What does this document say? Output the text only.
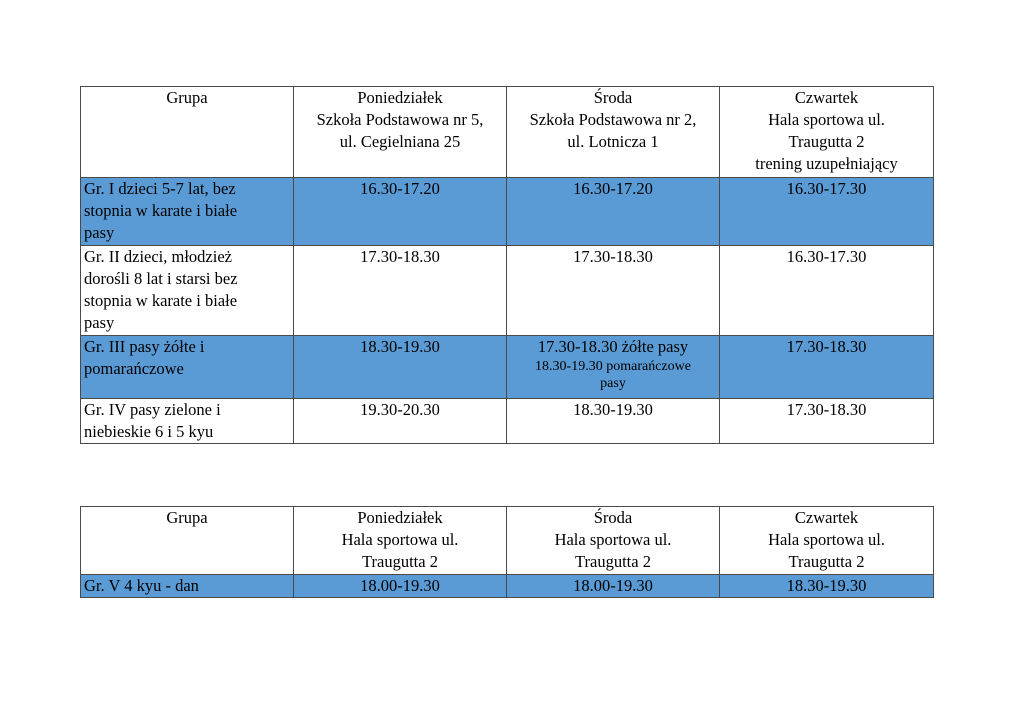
Grupa	Poniedziałek
Szkoła Podstawowa nr 5,
ul. Cegielniana 25	Środa
Szkoła Podstawowa nr 2,
ul. Lotnicza 1	Czwartek
Hala sportowa ul.
Traugutta 2
trening uzupełniający

Gr. I dzieci 5-7 lat, bez
stopnia w karate i białe
pasy	16.30-17.20	16.30-17.20	16.30-17.30

Gr. II dzieci, młodzież
dorośli 8 lat i starsi bez
stopnia w karate i białe
pasy	17.30-18.30	17.30-18.30	16.30-17.30

Gr. III pasy żółte i
pomarańczowe	18.30-19.30	17.30-18.30 żółte pasy
18.30-19.30 pomarańczowe
pasy	17.30-18.30

Gr. IV pasy zielone i
niebieskie 6 i 5 kyu	19.30-20.30	18.30-19.30	17.30-18.30
Grupa	Poniedziałek
Hala sportowa ul.
Traugutta 2	Środa
Hala sportowa ul.
Traugutta 2	Czwartek
Hala sportowa ul.
Traugutta 2

Gr. V 4 kyu - dan	18.00-19.30	18.00-19.30	18.30-19.30
